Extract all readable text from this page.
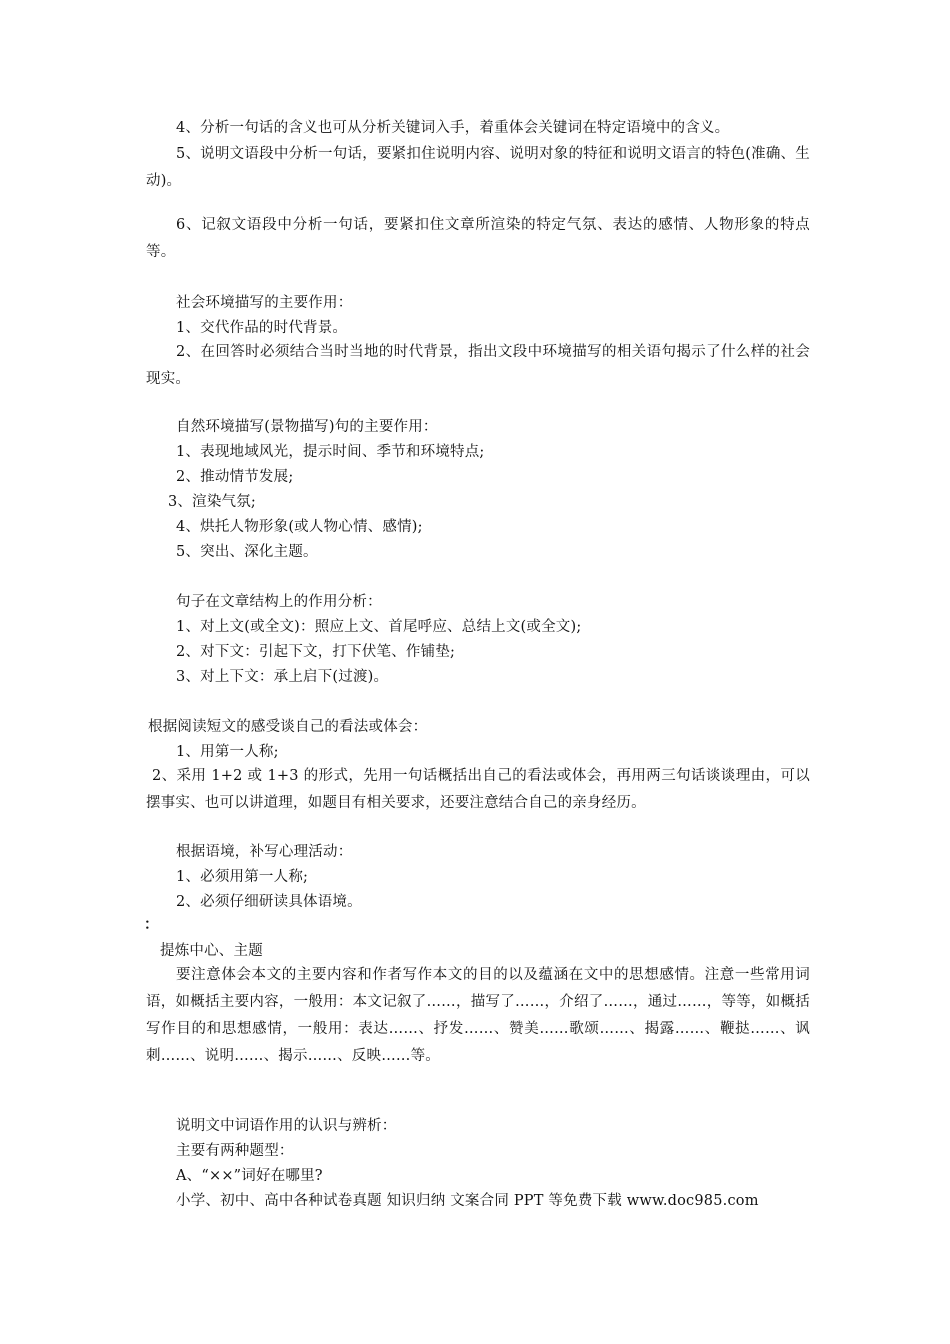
4、分析一句话的含义也可从分析关键词入手，着重体会关键词在特定语境中的含义。
5、说明文语段中分析一句话，要紧扣住说明内容、说明对象的特征和说明文语言的特色(准确、生动)。
6、记叙文语段中分析一句话，要紧扣住文章所渲染的特定气氛、表达的感情、人物形象的特点等。
社会环境描写的主要作用：
1、交代作品的时代背景。
2、在回答时必须结合当时当地的时代背景，指出文段中环境描写的相关语句揭示了什么样的社会现实。
自然环境描写(景物描写)句的主要作用：
1、表现地域风光，提示时间、季节和环境特点;
2、推动情节发展;
3、渲染气氛;
4、烘托人物形象(或人物心情、感情);
5、突出、深化主题。
句子在文章结构上的作用分析：
1、对上文(或全文)：照应上文、首尾呼应、总结上文(或全文);
2、对下文：引起下文，打下伏笔、作铺垫;
3、对上下文：承上启下(过渡)。
根据阅读短文的感受谈自己的看法或体会：
1、用第一人称;
2、采用 1+2 或 1+3 的形式，先用一句话概括出自己的看法或体会，再用两三句话谈谈理由，可以摆事实、也可以讲道理，如题目有相关要求，还要注意结合自己的亲身经历。
根据语境，补写心理活动：
1、必须用第一人称;
2、必须仔细研读具体语境。
：
提炼中心、主题
要注意体会本文的主要内容和作者写作本文的目的以及蕴涵在文中的思想感情。注意一些常用词语，如概括主要内容，一般用：本文记叙了……，描写了……，介绍了……，通过……，等等，如概括写作目的和思想感情，一般用：表达……、抒发……、赞美……歌颂……、揭露……、鞭挞……、讽刺……、说明……、揭示……、反映……等。
说明文中词语作用的认识与辨析：
主要有两种题型：
A、“××”词好在哪里?
小学、初中、高中各种试卷真题 知识归纳 文案合同 PPT 等免费下载 www.doc985.com
